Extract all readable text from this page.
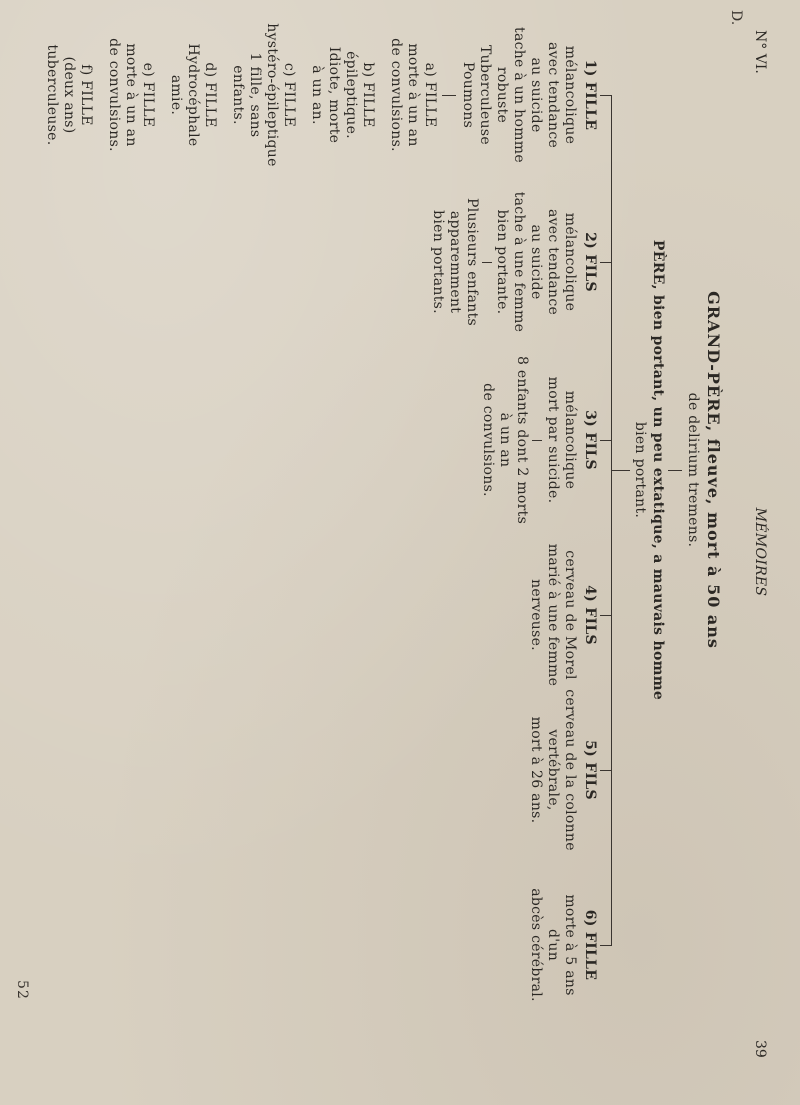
N° VI.
MÉMOIRES
39
D.
5
2
GRAND-PÈRE, fleuve, mort à 50 ans
de delirium tremens.
PÈRE, bien portant, un peu extatique, a mauvais homme
bien portant.
1) FILLE
mélancolique
avec tendance
au suicide
tache à un homme
robuste
Tuberculeuse
Poumons
2) FILS
mélancolique
avec tendance
au suicide
tache à une femme
bien portante.
Plusieurs enfants
apparemment
bien portants.
3) FILS
mélancolique
mort par suicide.
8 enfants dont 2 morts
à un an
de convulsions.
4) FILS
cerveau de Morel
marié à une femme
nerveuse.
5) FILS
cerveau de la colonne
vertébrale,
mort à 26 ans.
6) FILLE
morte à 5 ans
d'un
abcès cérébral.
a) FILLE
morte à un an
de convulsions.
b) FILLE
épileptique.
Idiote, morte
à un an.
c) FILLE
hystéro-épileptique
1 fille, sans
enfants.
d) FILLE
Hydrocéphale
amie.
e) FILLE
morte à un an
de convulsions.
f) FILLE
(deux ans)
tuberculeuse.
